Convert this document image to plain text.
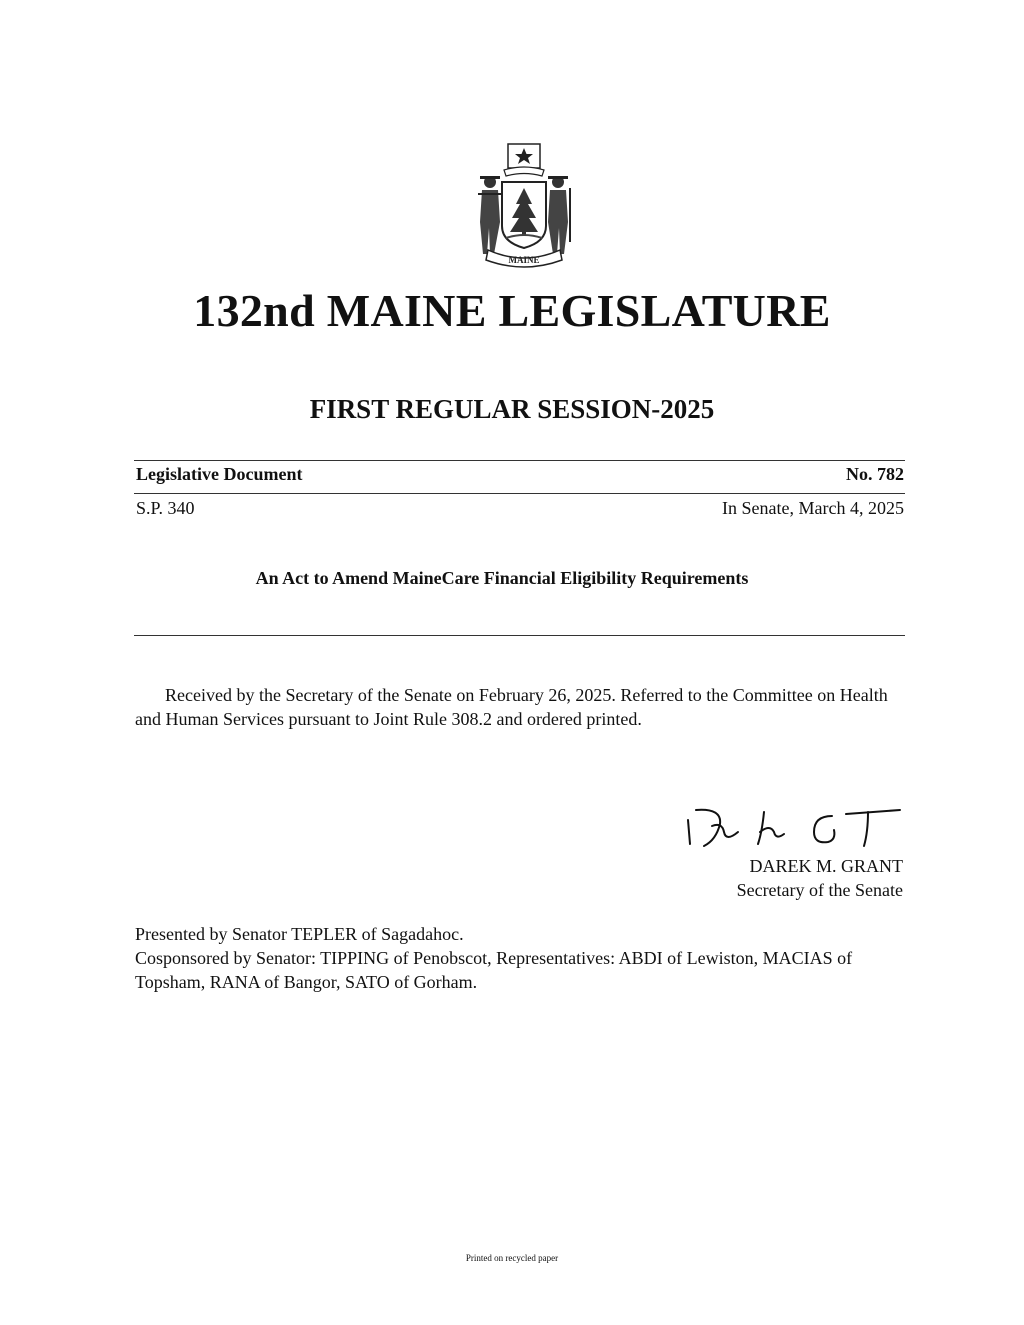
MAINE
132nd MAINE LEGISLATURE
FIRST REGULAR SESSION-2025
Legislative Document	No. 782
S.P. 340	In Senate, March 4, 2025
An Act to Amend MaineCare Financial Eligibility Requirements
Received by the Secretary of the Senate on February 26, 2025. Referred to the Committee on Health and Human Services pursuant to Joint Rule 308.2 and ordered printed.
DAREK M. GRANT
Secretary of the Senate
Presented by Senator TEPLER of Sagadahoc.
Cosponsored by Senator: TIPPING of Penobscot, Representatives: ABDI of Lewiston, MACIAS of Topsham, RANA of Bangor, SATO of Gorham.
Printed on recycled paper
